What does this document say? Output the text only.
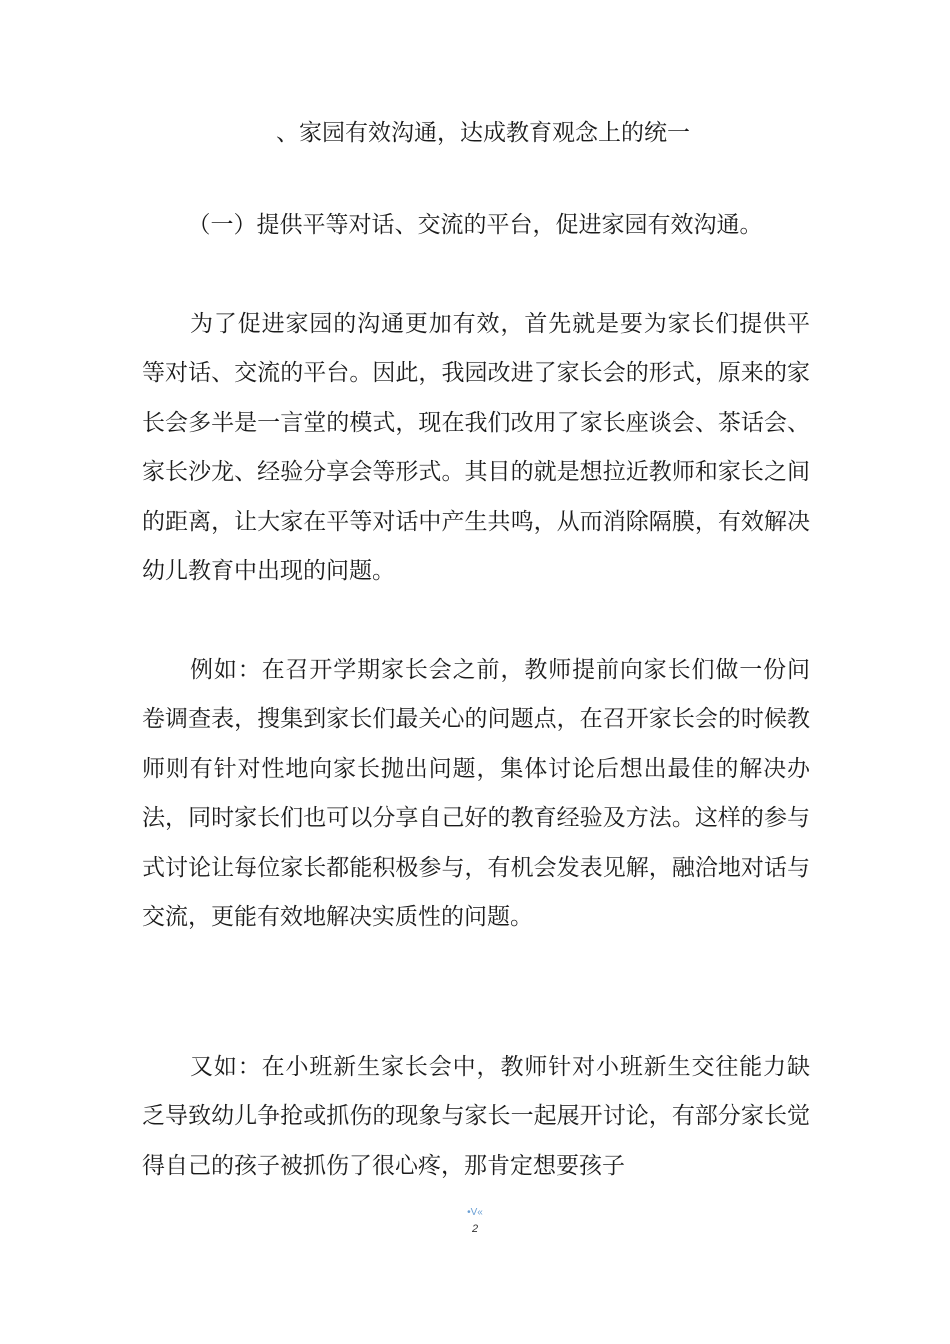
、家园有效沟通，达成教育观念上的统一
（一）提供平等对话、交流的平台，促进家园有效沟通。

为了促进家园的沟通更加有效，首先就是要为家长们提供平等对话、交流的平台。因此，我园改进了家长会的形式，原来的家长会多半是一言堂的模式，现在我们改用了家长座谈会、茶话会、家长沙龙、经验分享会等形式。其目的就是想拉近教师和家长之间的距离，让大家在平等对话中产生共鸣，从而消除隔膜，有效解决幼儿教育中出现的问题。

例如：在召开学期家长会之前，教师提前向家长们做一份问卷调查表，搜集到家长们最关心的问题点，在召开家长会的时候教师则有针对性地向家长抛出问题，集体讨论后想出最佳的解决办法，同时家长们也可以分享自己好的教育经验及方法。这样的参与式讨论让每位家长都能积极参与，有机会发表见解，融洽地对话与交流，更能有效地解决实质性的问题。

又如：在小班新生家长会中，教师针对小班新生交往能力缺乏导致幼儿争抢或抓伤的现象与家长一起展开讨论，有部分家长觉得自己的孩子被抓伤了很心疼，那肯定想要孩子

•V«
2
